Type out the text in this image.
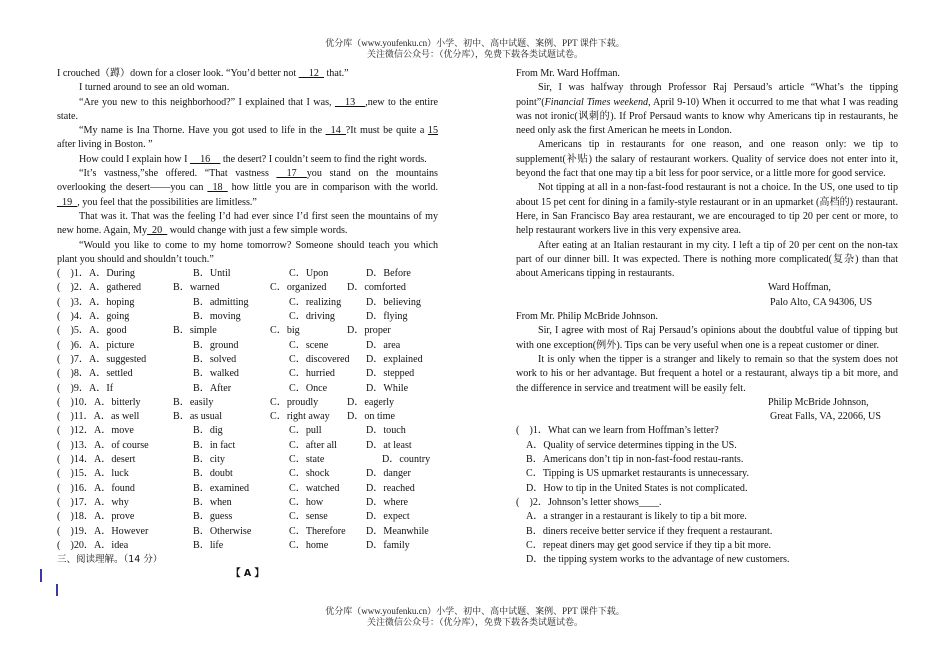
优分库（www.youfenku.cn）小学、初中、高中试题、案例、PPT 课件下载。
关注微信公众号：（优分库），免费下载各类试题试卷。

I crouched（蹲）down for a closer look. “You’d better not __12_ that.”

I turned around to see an old woman.

“Are you new to this neighborhood?” I explained that I was, __13__,new to the entire state.

“My name is Ina Thorne. Have you got used to life in the _14_?It must be quite a 15 after living in Boston. ”

How could I explain how I __16__ the desert? I couldn’t seem to find the right words.

“It’s vastness,”she offered. “That vastness __17__you stand on the mountains overlooking the desert——you can _18_ how little you are in comparison with the world. _19_, you feel that the possibilities are limitless.”

That was it. That was the feeling I’d had ever since I’d first seen the mountains of my new home. Again, My_20_ would change with just a few simple words.

“Would you like to come to my home tomorrow? Someone should teach you which plant you should and shouldn’t touch.”

(　)1．A．During	B．Until	C．Upon	D．Before
(　)2．A．gathered	B．warned	C．organized D．comforted
(　)3．A．hoping	B．admitting	C．realizing D．believing
(　)4．A．going	B．moving	C．driving	D．flying
(　)5．A．good	B．simple	C．big	D．proper
(　)6．A．picture	B．ground	C．scene	D．area
(　)7．A．suggested	B．solved	C．discovered D．explained
(　)8．A．settled	B．walked	C．hurried	D．stepped
(　)9．A．If	B．After	C．Once	D．While
(　)10．A．bitterly	B．easily	C．proudly	D．eagerly
(　)11．A．as well	B．as usual	C．right away D．on time
(　)12．A．move	B．dig	C．pull	D．touch
(　)13．A．of course	B．in fact	C．after all	D．at least
(　)14．A．desert	B．city	C．state	D．country
(　)15．A．luck	B．doubt	C．shock	D．danger
(　)16．A．found	B．examined	C．watched	D．reached
(　)17．A．why	B．when	C．how	D．where
(　)18．A．prove	B．guess	C．sense	D．expect
(　)19．A．However	B．Otherwise	C．Therefore D．Meanwhile
(　)20．A．idea	B．life	C．home	D．family
三、阅读理解。（14 分）
【 A 】

From Mr. Ward Hoffman.

Sir, I was halfway through Professor Raj Persaud’s article “What’s the tipping point”(Financial Times weekend, April 9-10) When it occurred to me that what I was reading was not ironic(讽刺的). If Prof Persaud wants to know why Americans tip in restaurants, he need only ask the first American he meets in London.

Americans tip in restaurants for one reason, and one reason only: we tip to supplement(补贴) the salary of restaurant workers. Quality of service does not enter into it, beyond the fact that one may tip a bit less for poor service, or a little more for good service.

Not tipping at all in a non-fast-food restaurant is not a choice. In the US, one used to tip about 15 pet cent for dining in a family-style restaurant or in an upmarket (高档的) restaurant. Here, in San Francisco Bay area restaurant, we are encouraged to tip 20 per cent or more, to help restaurant workers live in this very expensive area.

After eating at an Italian restaurant in my city. I left a tip of 20 per cent on the non-tax part of our dinner bill. It was expected. There is nothing more complicated(复杂) than that about Americans tipping in restaurants.

Ward Hoffman,
Palo Alto, CA 94306, US

From Mr. Philip McBride Johnson.

Sir, I agree with most of Raj Persaud’s opinions about the doubtful value of tipping but with one exception(例外). Tips can be very useful when one is a repeat customer or diner.

It is only when the tipper is a stranger and likely to remain so that the system does not work to his or her advantage. But frequent a hotel or a restaurant, always tip a bit more, and the difference in service and treatment will be easily felt.

Philip McBride Johnson,
Great Falls, VA, 22066, US
(　)1．What can we learn from Hoffman’s letter?
A．Quality of service determines tipping in the US.
B．Americans don’t tip in non-fast-food restau-rants.
C．Tipping is US upmarket restaurants is unnecessary.
D．How to tip in the United States is not complicated.
(　)2．Johnson’s letter shows____.
A．a stranger in a restaurant is likely to tip a bit more.
B．diners receive better service if they frequent a restaurant.
C．repeat diners may get good service if they tip a bit more.
D．the tipping system works to the advantage of new customers.
优分库（www.youfenku.cn）小学、初中、高中试题、案例、PPT 课件下载。
关注微信公众号：（优分库），免费下载各类试题试卷。
